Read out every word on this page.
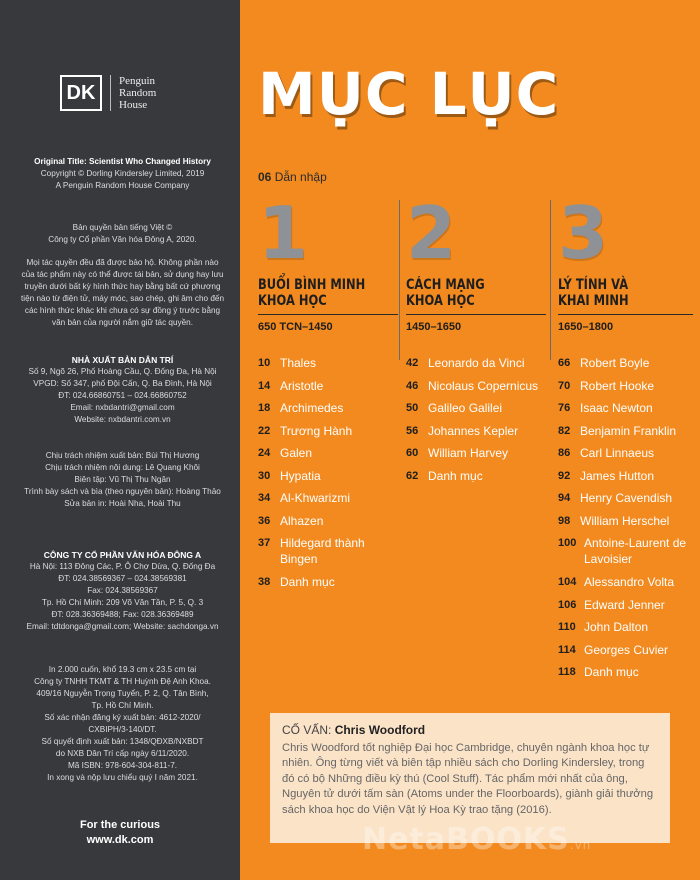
DK
Penguin
Random
House

Original Title: Scientist Who Changed History

Copyright © Dorling Kindersley Limited, 2019

A Penguin Random House Company

Bản quyền bản tiếng Việt ©

Công ty Cổ phần Văn hóa Đông A, 2020.

Mọi tác quyền đều đã được bảo hộ. Không phần nào của tác phẩm này có thể được tái bản, sử dụng hay lưu truyền dưới bất kỳ hình thức hay bằng bất cứ phương tiện nào từ điện tử, máy móc, sao chép, ghi âm cho đến các hình thức khác khi chưa có sự đồng ý trước bằng văn bản của người nắm giữ tác quyền.

NHÀ XUẤT BẢN DÂN TRÍ

Số 9, Ngõ 26, Phố Hoàng Cầu, Q. Đống Đa, Hà Nội

VPGD: Số 347, phố Đội Cấn, Q. Ba Đình, Hà Nội

ĐT: 024.66860751 – 024.66860752

Email: nxbdantri@gmail.com

Website: nxbdantri.com.vn

Chịu trách nhiệm xuất bản: Bùi Thị Hương

Chịu trách nhiệm nội dung: Lê Quang Khôi

Biên tập: Vũ Thị Thu Ngân

Trình bày sách và bìa (theo nguyên bản): Hoàng Thảo

Sửa bản in: Hoài Nha, Hoài Thu

CÔNG TY CỔ PHẦN VĂN HÓA ĐÔNG A

Hà Nội: 113 Đông Các, P. Ô Chợ Dừa, Q. Đống Đa

ĐT: 024.38569367 – 024.38569381

Fax: 024.38569367

Tp. Hồ Chí Minh: 209 Võ Văn Tần, P. 5, Q. 3

ĐT: 028.36369488; Fax: 028.36369489

Email: tdtdonga@gmail.com; Website: sachdonga.vn

In 2.000 cuốn, khổ 19.3 cm x 23.5 cm tại

Công ty TNHH TKMT & TH Huỳnh Đệ Anh Khoa.

409/16 Nguyễn Trọng Tuyển, P. 2, Q. Tân Bình,

Tp. Hồ Chí Minh.

Số xác nhận đăng ký xuất bản: 4612-2020/

CXBIPH/3-140/DT.

Số quyết định xuất bản: 1348/QĐXB/NXBDT

do NXB Dân Trí cấp ngày 6/11/2020.

Mã ISBN: 978-604-304-811-7.

In xong và nộp lưu chiểu quý I năm 2021.

For the curious
www.dk.com
MỤC LỤC
06 Dẫn nhập
1
BUỔI BÌNH MINH
KHOA HỌC
650 TCN–1450
2
CÁCH MẠNG
KHOA HỌC
1450–1650
3
LÝ TÍNH VÀ
KHAI MINH
1650–1800
10 Thales
14 Aristotle
18 Archimedes
22 Trương Hành
24 Galen
30 Hypatia
34 Al-Khwarizmi
36 Alhazen
37 Hildegard thành Bingen
38 Danh mục
42 Leonardo da Vinci
46 Nicolaus Copernicus
50 Galileo Galilei
56 Johannes Kepler
60 William Harvey
62 Danh mục
66 Robert Boyle
70 Robert Hooke
76 Isaac Newton
82 Benjamin Franklin
86 Carl Linnaeus
92 James Hutton
94 Henry Cavendish
98 William Herschel
100 Antoine-Laurent de Lavoisier
104 Alessandro Volta
106 Edward Jenner
110 John Dalton
114 Georges Cuvier
118 Danh mục
CỐ VẤN: Chris Woodford
Chris Woodford tốt nghiệp Đại học Cambridge, chuyên ngành khoa học tự nhiên. Ông từng viết và biên tập nhiều sách cho Dorling Kindersley, trong đó có bộ Những điều kỳ thú (Cool Stuff). Tác phẩm mới nhất của ông, Nguyên tử dưới tấm sàn (Atoms under the Floorboards), giành giải thưởng sách khoa học do Viện Vật lý Hoa Kỳ trao tặng (2016).
NetaBOOKS.vn
